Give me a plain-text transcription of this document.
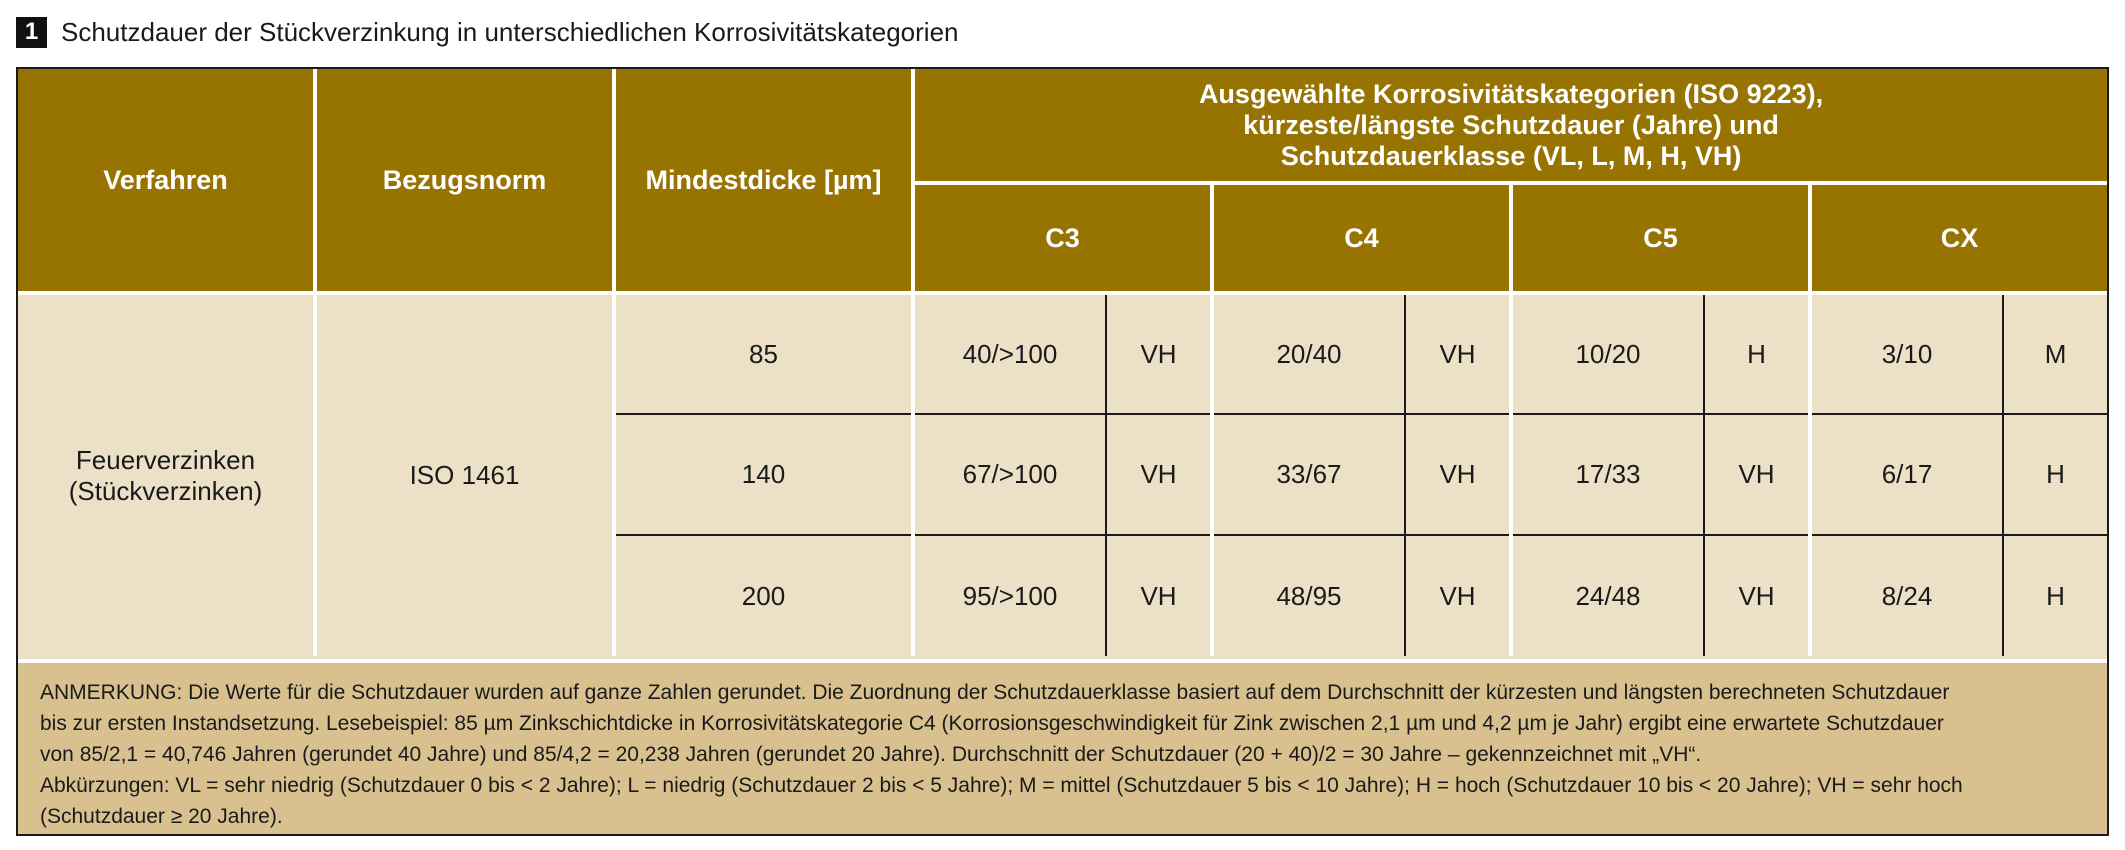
1 Schutzdauer der Stückverzinkung in unterschiedlichen Korrosivitätskategorien
Verfahren	Bezugsnorm	Mindestdicke [µm]	Ausgewählte Korrosivitätskategorien (ISO 9223),
kürzeste/längste Schutzdauer (Jahre) und
Schutzdauerklasse (VL, L, M, H, VH)							

			C3		C4		C5		CX	

Feuerverzinken
(Stückverzinken)	ISO 1461	85	40/>100	VH	20/40	VH	10/20	H	3/10	M
		140	67/>100	VH	33/67	VH	17/33	VH	6/17	H
		200	95/>100	VH	48/95	VH	24/48	VH	8/24	H

ANMERKUNG: Die Werte für die Schutzdauer wurden auf ganze Zahlen gerundet. Die Zuordnung der Schutzdauerklasse basiert auf dem Durchschnitt der kürzesten und längsten berechneten Schutzdauer

bis zur ersten Instandsetzung. Lesebeispiel: 85 µm Zinkschichtdicke in Korrosivitätskategorie C4 (Korrosionsgeschwindigkeit für Zink zwischen 2,1 µm und 4,2 µm je Jahr) ergibt eine erwartete Schutzdauer

von 85/2,1 = 40,746 Jahren (gerundet 40 Jahre) und 85/4,2 = 20,238 Jahren (gerundet 20 Jahre). Durchschnitt der Schutzdauer (20 + 40)/2 = 30 Jahre – gekennzeichnet mit „VH“.

Abkürzungen: VL = sehr niedrig (Schutzdauer 0 bis < 2 Jahre); L = niedrig (Schutzdauer 2 bis < 5 Jahre); M = mittel (Schutzdauer 5 bis < 10 Jahre); H = hoch (Schutzdauer 10 bis < 20 Jahre); VH = sehr hoch

(Schutzdauer ≥ 20 Jahre).
